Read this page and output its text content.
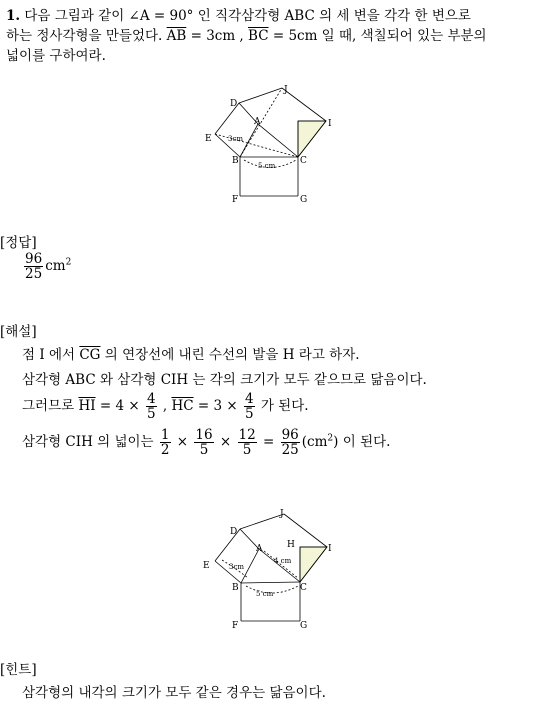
1. 다음 그림과 같이 ∠A = 90° 인 직각삼각형 ABC 의 세 변을 각각 한 변으로
하는 정사각형을 만들었다. $\overline{AB} = 3cm$ , $\overline{BC} = 5cm$ 일 때, 색칠되어 있는 부분의
넓이를 구하여라.
J
D
A	I
E
B	C
F	G
3cm
5 cm
[정답]
$\frac{96}{25} cm^2$
[해설]
점 I 에서 $\overline{CG}$ 의 연장선에 내린 수선의 발을 H 라고 하자.
삼각형 ABC 와 삼각형 CIH 는 각의 크기가 모두 같으므로 닮음이다.
그러므로 $\overline{HI} = 4 \times \frac{4}{5}$ , $\overline{HC} = 3 \times \frac{4}{5}$ 가 된다.
삼각형 CIH 의 넓이는 $\frac{1}{2} \times \frac{16}{5} \times \frac{12}{5} = \frac{96}{25} (cm^2)$ 이 된다.
J
D
H
A	I
E
B	C
F	G
3cm
4 cm
5 cm
[힌트]
삼각형의 내각의 크기가 모두 같은 경우는 닮음이다.
